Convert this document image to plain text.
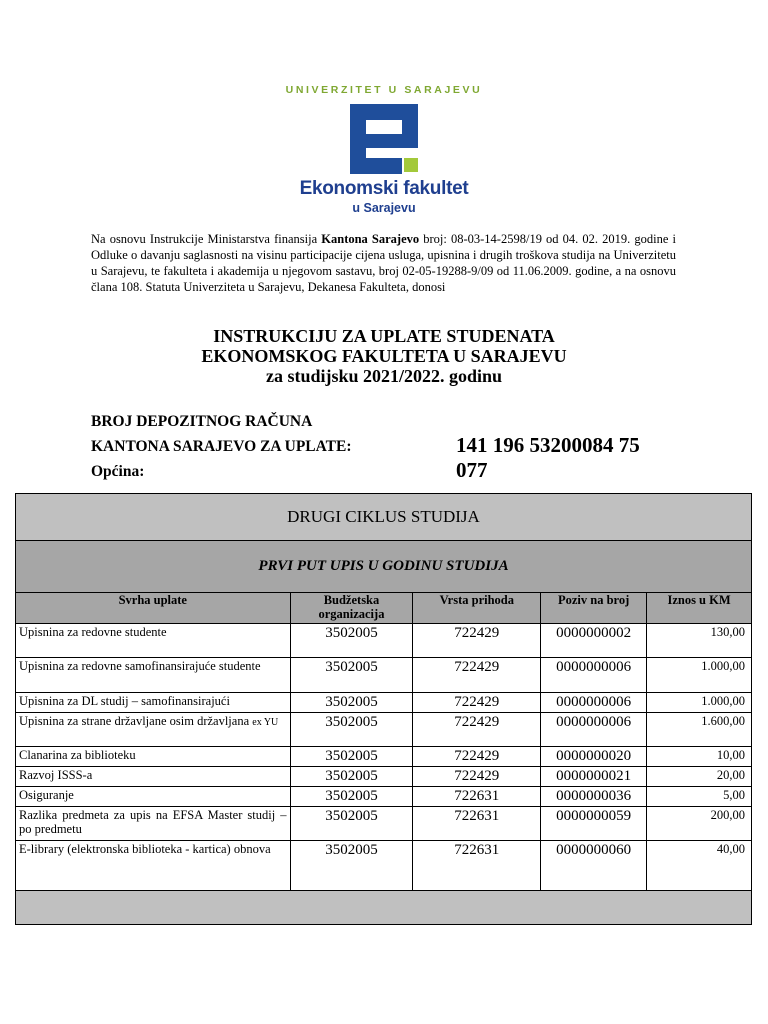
UNIVERZITET U SARAJEVU
Ekonomski fakultet
u Sarajevu
Na osnovu Instrukcije Ministarstva finansija Kantona Sarajevo broj: 08-03-14-2598/19 od 04. 02. 2019. godine i Odluke o davanju saglasnosti na visinu participacije cijena usluga, upisnina i drugih troškova studija na Univerzitetu u Sarajevu, te fakulteta i akademija u njegovom sastavu, broj 02-05-19288-9/09 od 11.06.2009. godine, a na osnovu člana 108. Statuta Univerziteta u Sarajevu, Dekanesa Fakulteta, donosi
INSTRUKCIJU ZA UPLATE STUDENATA
EKONOMSKOG FAKULTETA U SARAJEVU
za studijsku 2021/2022. godinu
BROJ DEPOZITNOG RAČUNA
KANTONA SARAJEVO ZA UPLATE:	141 196 53200084 75
Općina:	077
DRUGI CIKLUS STUDIJA				
PRVI PUT UPIS U GODINU STUDIJA				
Svrha uplate	Budžetska organizacija	Vrsta prihoda	Poziv na broj	Iznos u KM
Upisnina za redovne studente	3502005	722429	0000000002	130,00
Upisnina za redovne samofinansirajuće studente	3502005	722429	0000000006	1.000,00
Upisnina za DL studij – samofinansirajući	3502005	722429	0000000006	1.000,00
Upisnina za strane državljane osim državljana ex YU	3502005	722429	0000000006	1.600,00
Clanarina za biblioteku	3502005	722429	0000000020	10,00
Razvoj ISSS-a	3502005	722429	0000000021	20,00
Osiguranje	3502005	722631	0000000036	5,00
Razlika predmeta za upis na EFSA Master studij – po predmetu	3502005	722631	0000000059	200,00
E-library (elektronska biblioteka - kartica) obnova	3502005	722631	0000000060	40,00
